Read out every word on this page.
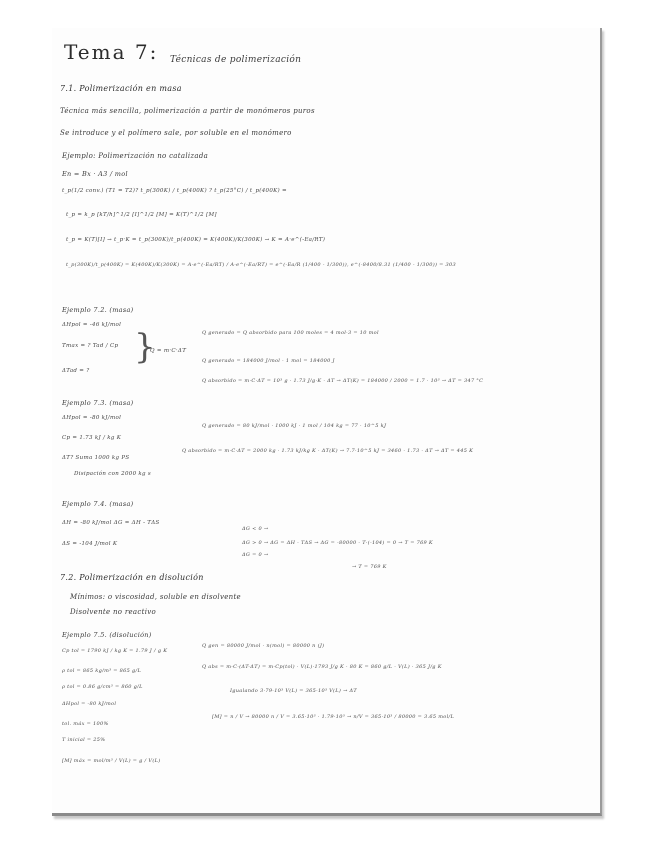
Tema 7: Técnicas de polimerización
7.1. Polimerización en masa
Técnica más sencilla, polimerización a partir de monómeros puros
Se introduce y el polímero sale, por soluble en el monómero
Ejemplo: Polimerización no catalizada
En = Bx · A3 / mol
t_p(1/2 conv.) (T1 = T2)? t_p(300K) / t_p(400K) ? t_p(25°C) / t_p(400K) =
t_p = k_p [kT/h]^1/2 [I]^1/2 [M] = K(T)^1/2 [M]
t_p = K(T)[I] → t_p·K = t_p(300K)/t_p(400K) = K(400K)/K(300K) → K = A·e^(-Ea/RT)
t_p(300K)/t_p(400K) = K(400K)/K(300K) = A·e^(-Ea/RT) / A·e^(-Ea/RT) = e^(-Ea/R (1/400 - 1/300)), e^(-8400/8.31 (1/400 - 1/300)) = 303
Ejemplo 7.2. (masa)
ΔHpol = -46 kJ/mol
Tmax = ? Tad / Cp
ΔTad = ?
}
Q = m·C·ΔT
Q generado = Q absorbido para 100 moles = 4 mol·3 = 10 mol
Q generado = 184000 J/mol · 1 mol = 184000 J
Q absorbido = m·C·ΔT = 10³ g · 1.73 J/g·K · ΔT → ΔT(K) = 184000 / 2000 = 1.7 · 10³ → ΔT = 347 °C
Ejemplo 7.3. (masa)
ΔHpol = -80 kJ/mol
Cp = 1.73 kJ / kg K
ΔT? Suma 1000 kg PS
Disipación con 2000 kg s
Q generado = 80 kJ/mol · 1000 kJ · 1 mol / 104 kg = 77 · 10^5 kJ
Q absorbido = m·C·ΔT = 2000 kg · 1.73 kJ/kg K · ΔT(K) → 7.7·10^5 kJ = 3460 · 1.73 · ΔT → ΔT = 445 K
Ejemplo 7.4. (masa)
ΔH = -80 kJ/mol ΔG = ΔH - TΔS
ΔS = -104 J/mol K
ΔG < 0 →
ΔG > 0 → ΔG = ΔH - TΔS → ΔG = -80000 - T·(-104) = 0 → T = 769 K
ΔG = 0 →
→ T = 769 K
7.2. Polimerización en disolución
Mínimos: o viscosidad, soluble en disolvente
Disolvente no reactivo
Ejemplo 7.5. (disolución)
Cp tol = 1790 kJ / kg K = 1.79 J / g K
ρ tol = 865 kg/m³ = 865 g/L
ρ tol = 0.86 g/cm³ = 860 g/L
ΔHpol = -80 kJ/mol
tol. máx = 100%
T inicial = 25%
[M] máx = mol/m³ / V(L) = g / V(L)
Q gen = 80000 J/mol · n(mol) = 80000 n (J)
Q abs = m·C·(ΔT-ΔT) = m·Cp(tol) · V(L)·1793 J/g K · 80 K = 860 g/L · V(L) · 365 J/g K
Igualando 3·79·10³ V(L) = 365·10³ V(L) → ΔT
[M] = n / V → 80000 n / V = 3.65·10³ · 1.79·10³ → n/V = 365·10³ / 80000 = 3.65 mol/L
